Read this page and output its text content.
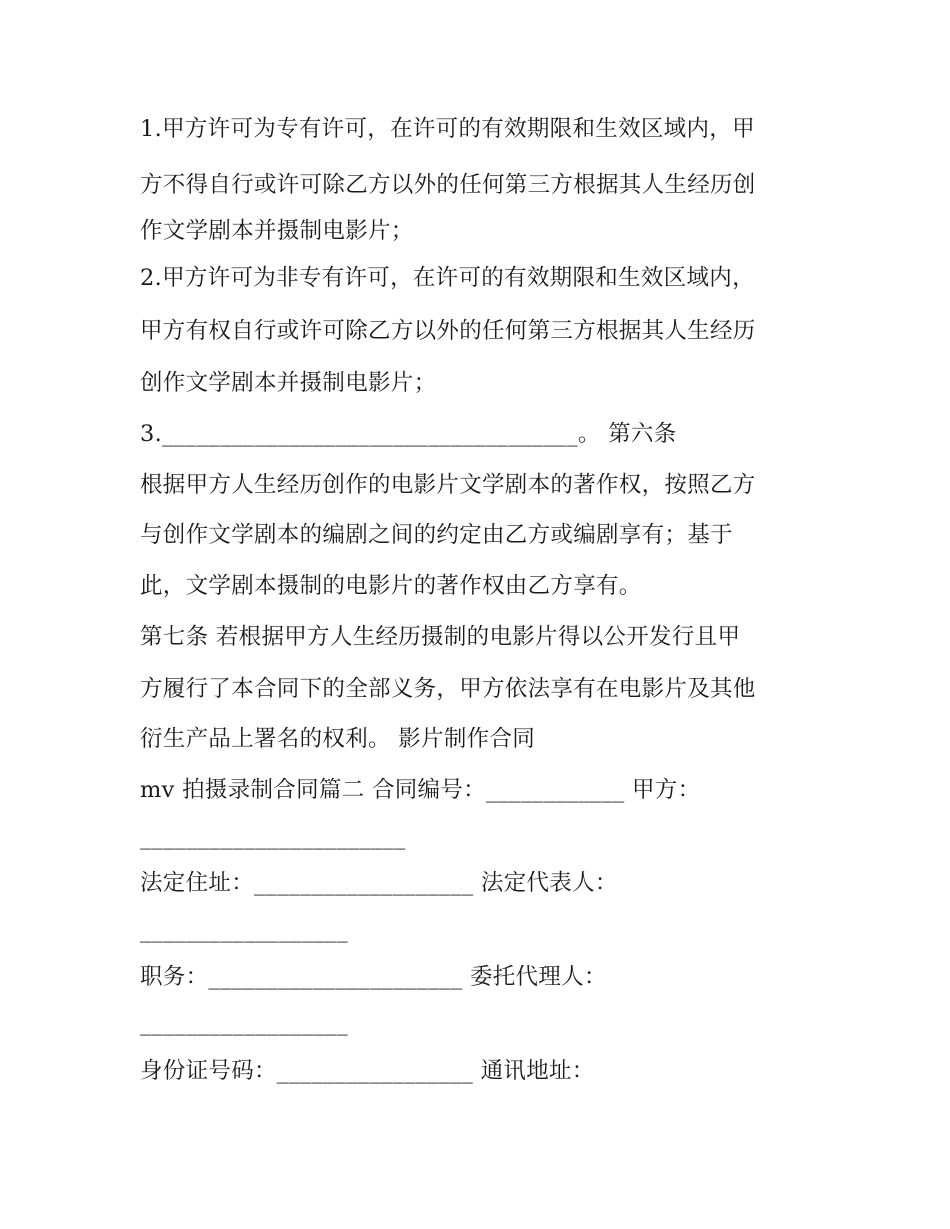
1.甲方许可为专有许可，在许可的有效期限和生效区域内，甲
方不得自行或许可除乙方以外的任何第三方根据其人生经历创
作文学剧本并摄制电影片；
2.甲方许可为非专有许可，在许可的有效期限和生效区域内，
甲方有权自行或许可除乙方以外的任何第三方根据其人生经历
创作文学剧本并摄制电影片；
3.____________________________________。 第六条
根据甲方人生经历创作的电影片文学剧本的著作权，按照乙方
与创作文学剧本的编剧之间的约定由乙方或编剧享有；基于
此，文学剧本摄制的电影片的著作权由乙方享有。
第七条 若根据甲方人生经历摄制的电影片得以公开发行且甲
方履行了本合同下的全部义务，甲方依法享有在电影片及其他
衍生产品上署名的权利。 影片制作合同
mv 拍摄录制合同篇二 合同编号：____________ 甲方：
_______________________
法定住址：___________________ 法定代表人：
__________________
职务：______________________ 委托代理人：
__________________
身份证号码：_________________ 通讯地址：
